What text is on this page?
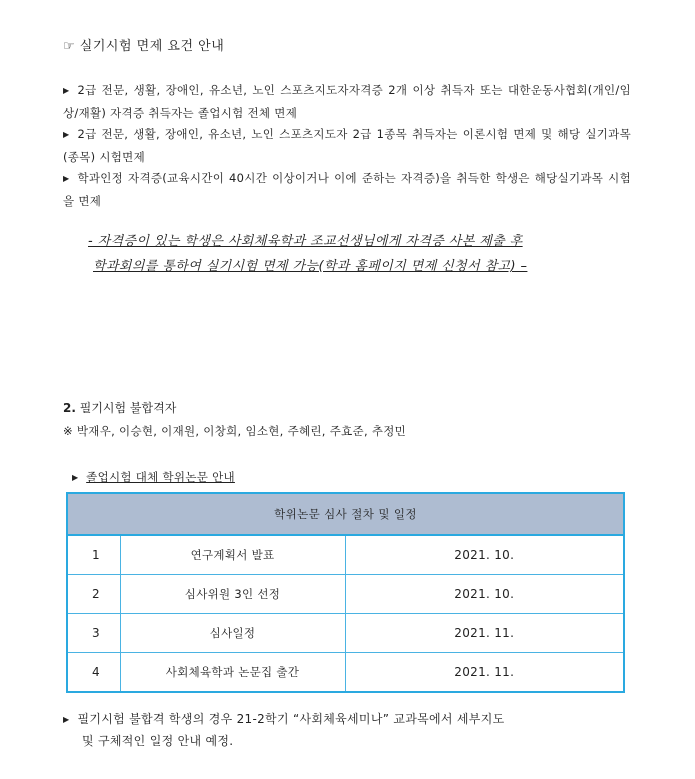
☞ 실기시험 면제 요건 안내
▶ 2급 전문, 생활, 장애인, 유소년, 노인 스포츠지도자자격증 2개 이상 취득자 또는 대한운동사협회(개인/임상/재활) 자격증 취득자는 졸업시험 전체 면제
▶ 2급 전문, 생활, 장애인, 유소년, 노인 스포츠지도자 2급 1종목 취득자는 이론시험 면제 및 해당 실기과목(종목) 시험면제
▶ 학과인정 자격증(교육시간이 40시간 이상이거나 이에 준하는 자격증)을 취득한 학생은 해당실기과목 시험을 면제
- 자격증이 있는 학생은 사회체육학과 조교선생님에게 자격증 사본 제출 후
학과회의를 통하여 실기시험 면제 가능(학과 홈페이지 면제 신청서 참고) –
2. 필기시험 불합격자
※ 박재우, 이승현, 이재원, 이창희, 임소현, 주혜린, 주효준, 추정민
▶ 졸업시험 대체 학위논문 안내
학위논문 심사 절차 및 일정		
1	연구계획서 발표	2021. 10.
2	심사위원 3인 선정	2021. 10.
3	심사일정	2021. 11.
4	사회체육학과 논문집 출간	2021. 11.
▶ 필기시험 불합격 학생의 경우 21-2학기 “사회체육세미나” 교과목에서 세부지도
및 구체적인 일정 안내 예정.
